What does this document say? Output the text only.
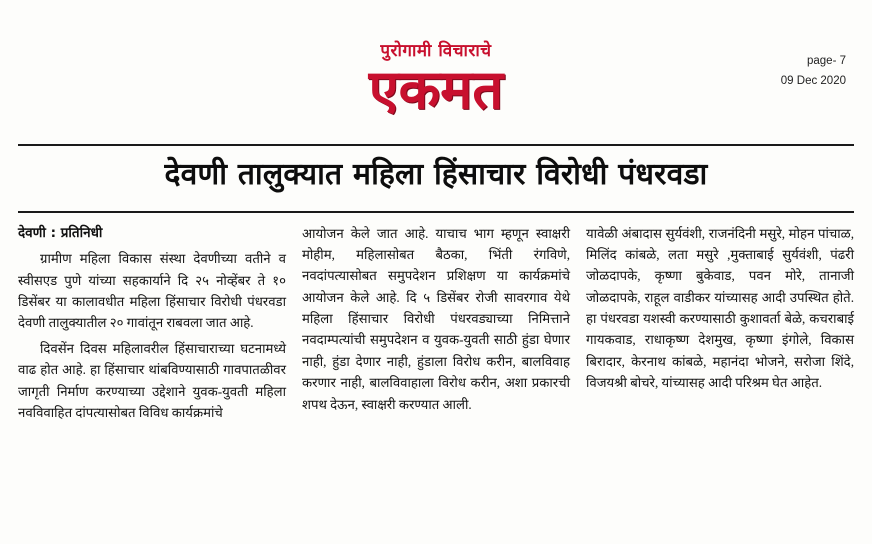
पुरोगामी विचाराचे
एकमत	page- 7
09 Dec 2020
देवणी तालुक्यात महिला हिंसाचार विरोधी पंधरवडा
देवणी : प्रतिनिधी

ग्रामीण महिला विकास संस्था देवणीच्या वतीने व स्वीसएड पुणे यांच्या सहकार्याने दि २५ नोव्हेंबर ते १० डिसेंबर या कालावधीत महिला हिंसाचार विरोधी पंधरवडा देवणी तालुक्यातील २० गावांतून राबवला जात आहे.

दिवसेंन दिवस महिलावरील हिंसाचाराच्या घटनामध्ये वाढ होत आहे. हा हिंसाचार थांबविण्यासाठी गावपातळीवर जागृती निर्माण करण्याच्या उद्देशाने युवक-युवती महिला नवविवाहित दांपत्यासोबत विविध कार्यक्रमांचे

आयोजन केले जात आहे. याचाच भाग म्हणून स्वाक्षरी मोहीम, महिलासोबत बैठका, भिंती रंगविणे, नवदांपत्यासोबत समुपदेशन प्रशिक्षण या कार्यक्रमांचे आयोजन केले आहे. दि ५ डिसेंबर रोजी सावरगाव येथे महिला हिंसाचार विरोधी पंधरवड्याच्या निमित्ताने नवदाम्पत्यांची समुपदेशन व युवक-युवती साठी हुंडा घेणार नाही, हुंडा देणार नाही, हुंडाला विरोध करीन, बालविवाह करणार नाही, बालविवाहाला विरोध करीन, अशा प्रकारची शपथ देऊन, स्वाक्षरी करण्यात आली.

यावेळी अंबादास सुर्यवंशी, राजनंदिनी मसुरे, मोहन पांचाळ, मिलिंद कांबळे, लता मसुरे ,मुक्ताबाई सुर्यवंशी, पंढरी जोळदापके, कृष्णा बुकेवाड, पवन मोरे, तानाजी जोळदापके, राहूल वाडीकर यांच्यासह आदी उपस्थित होते. हा पंधरवडा यशस्वी करण्यासाठी कुशावर्ता बेळे, कचराबाई गायकवाड, राधाकृष्ण देशमुख, कृष्णा इंगोले, विकास बिरादार, केरनाथ कांबळे, महानंदा भोजने, सरोजा शिंदे, विजयश्री बोचरे, यांच्यासह आदी परिश्रम घेत आहेत.
